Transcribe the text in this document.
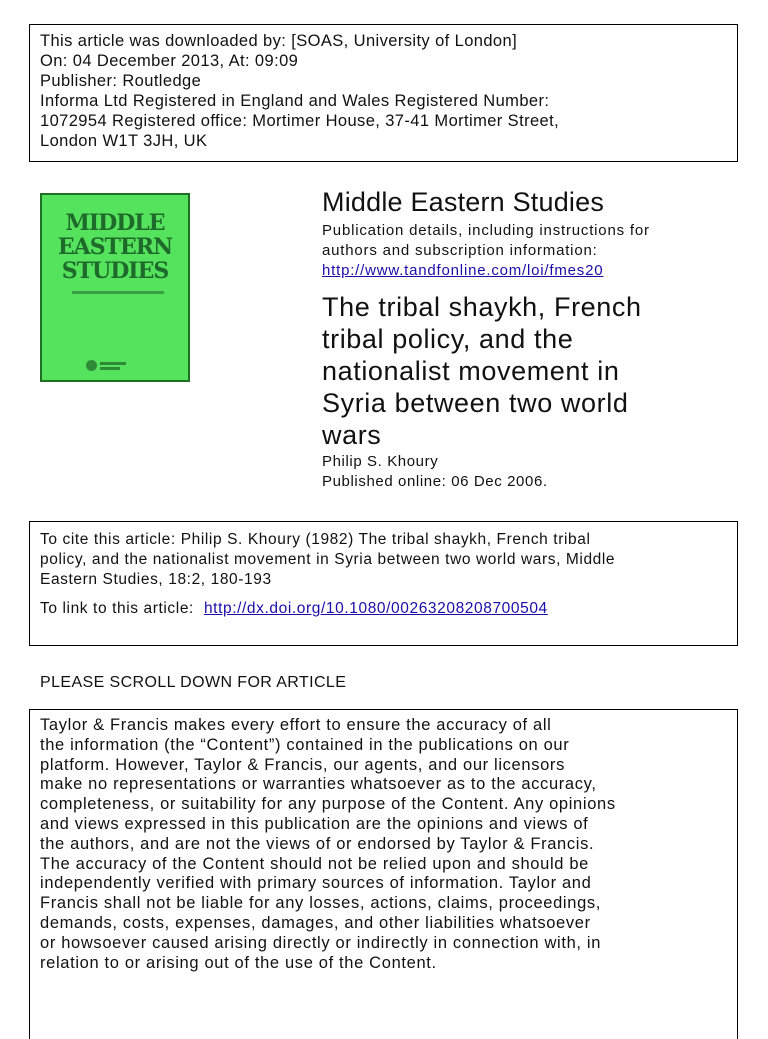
This article was downloaded by: [SOAS, University of London]
On: 04 December 2013, At: 09:09
Publisher: Routledge
Informa Ltd Registered in England and Wales Registered Number:
1072954 Registered office: Mortimer House, 37-41 Mortimer Street,
London W1T 3JH, UK
MIDDLE
EASTERN
STUDIES
Middle Eastern Studies
Publication details, including instructions for
authors and subscription information:
http://www.tandfonline.com/loi/fmes20
The tribal shaykh, French
tribal policy, and the
nationalist movement in
Syria between two world
wars
Philip S. Khoury
Published online: 06 Dec 2006.
To cite this article: Philip S. Khoury (1982) The tribal shaykh, French tribal
policy, and the nationalist movement in Syria between two world wars, Middle
Eastern Studies, 18:2, 180-193
To link to this article: http://dx.doi.org/10.1080/00263208208700504
PLEASE SCROLL DOWN FOR ARTICLE
Taylor & Francis makes every effort to ensure the accuracy of all
the information (the “Content”) contained in the publications on our
platform. However, Taylor & Francis, our agents, and our licensors
make no representations or warranties whatsoever as to the accuracy,
completeness, or suitability for any purpose of the Content. Any opinions
and views expressed in this publication are the opinions and views of
the authors, and are not the views of or endorsed by Taylor & Francis.
The accuracy of the Content should not be relied upon and should be
independently verified with primary sources of information. Taylor and
Francis shall not be liable for any losses, actions, claims, proceedings,
demands, costs, expenses, damages, and other liabilities whatsoever
or howsoever caused arising directly or indirectly in connection with, in
relation to or arising out of the use of the Content.
